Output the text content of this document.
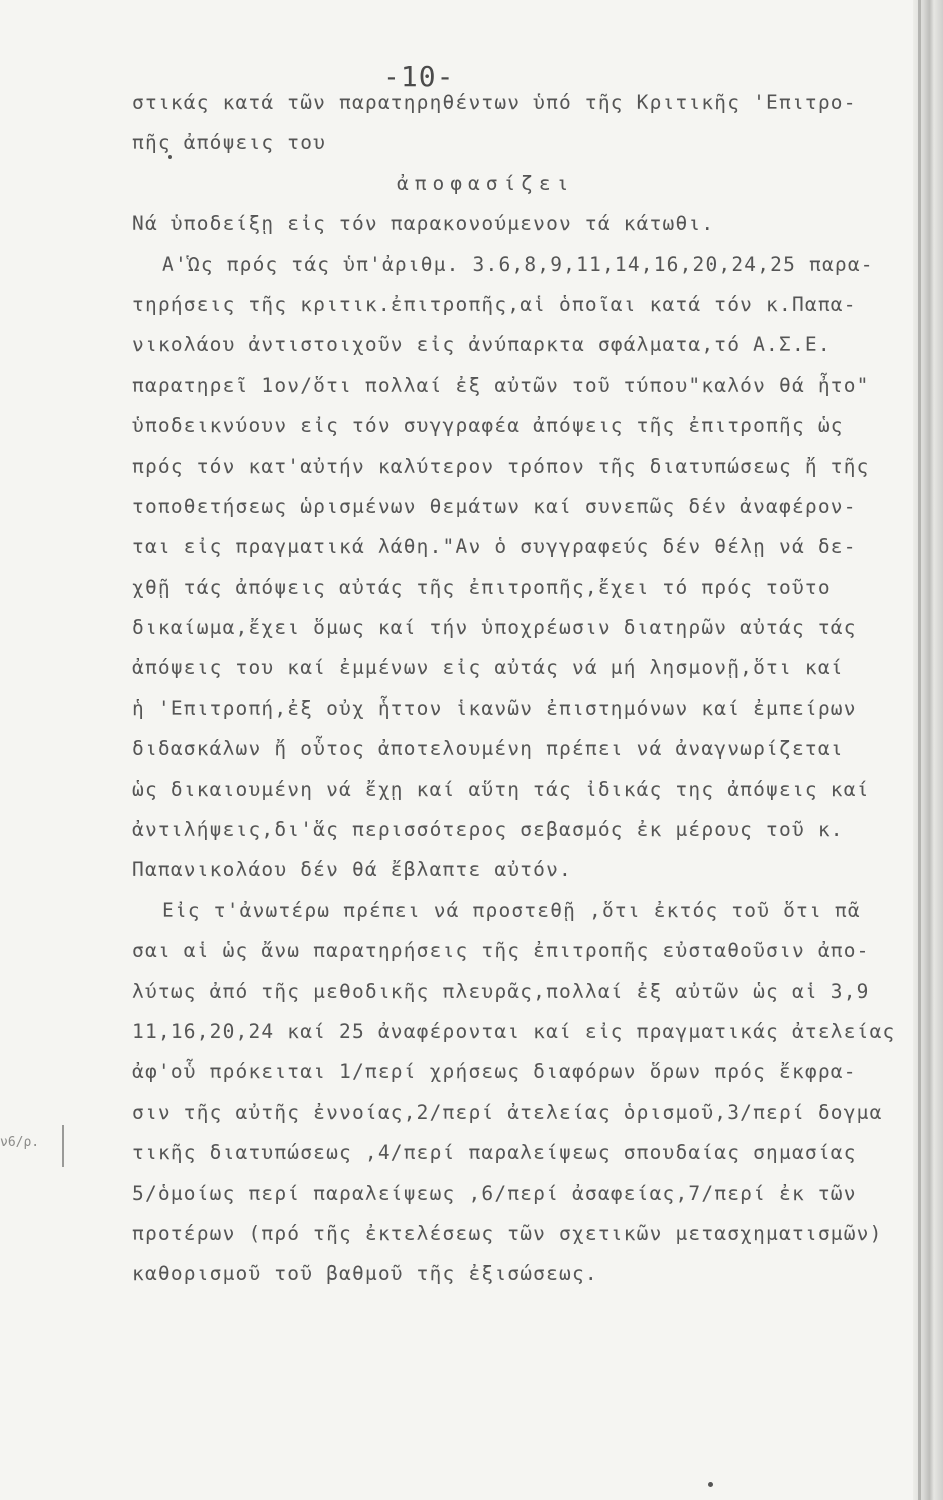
-10-
στικάς κατά τῶν παρατηρηθέντων ὑπό τῆς Κριτικῆς 'Επιτρο-
πῆς ἀπόψεις του
ἀποφασίζει
Νά ὑποδείξῃ εἰς τόν παρακονούμενον τά κάτωθι.
Α'Ὡς πρός τάς ὑπ'ἀριθμ. 3.6,8,9,11,14,16,20,24,25 παρα-
τηρήσεις τῆς κριτικ.ἐπιτροπῆς,αἱ ὁποῖαι κατά τόν κ.Παπα-
νικολάου ἀντιστοιχοῦν εἰς ἀνύπαρκτα σφάλματα,τό Α.Σ.Ε.
παρατηρεῖ 1ον/ὅτι πολλαί ἐξ αὐτῶν τοῦ τύπου"καλόν θά ἦτο"
ὑποδεικνύουν εἰς τόν συγγραφέα ἀπόψεις τῆς ἐπιτροπῆς ὡς
πρός τόν κατ'αὐτήν καλύτερον τρόπον τῆς διατυπώσεως ἤ τῆς
τοποθετήσεως ὡρισμένων θεμάτων καί συνεπῶς δέν ἀναφέρον-
ται εἰς πραγματικά λάθη."Αν ὁ συγγραφεύς δέν θέλῃ νά δε-
χθῇ τάς ἀπόψεις αὐτάς τῆς ἐπιτροπῆς,ἔχει τό πρός τοῦτο
δικαίωμα,ἔχει ὅμως καί τήν ὑποχρέωσιν διατηρῶν αὐτάς τάς
ἀπόψεις του καί ἐμμένων εἰς αὐτάς νά μή λησμονῇ,ὅτι καί
ἡ 'Επιτροπή,ἐξ οὐχ ἧττον ἱκανῶν ἐπιστημόνων καί ἐμπείρων
διδασκάλων ἤ οὗτος ἀποτελουμένη πρέπει νά ἀναγνωρίζεται
ὡς δικαιουμένη νά ἔχῃ καί αὕτη τάς ἰδικάς της ἀπόψεις καί
ἀντιλήψεις,δι'ἅς περισσότερος σεβασμός ἐκ μέρους τοῦ κ.
Παπανικολάου δέν θά ἔβλαπτε αὐτόν.
Εἰς τ'ἀνωτέρω πρέπει νά προστεθῇ ,ὅτι ἐκτός τοῦ ὅτι πᾶ
σαι αἱ ὡς ἄνω παρατηρήσεις τῆς ἐπιτροπῆς εὐσταθοῦσιν ἀπο-
λύτως ἀπό τῆς μεθοδικῆς πλευρᾶς,πολλαί ἐξ αὐτῶν ὡς αἱ 3,9
11,16,20,24 καί 25 ἀναφέρονται καί εἰς πραγματικάς ἀτελείας
ἀφ'οὗ πρόκειται 1/περί χρήσεως διαφόρων ὅρων πρός ἔκφρα-
σιν τῆς αὐτῆς ἐννοίας,2/περί ἀτελείας ὁρισμοῦ,3/περί δογμα
τικῆς διατυπώσεως ,4/περί παραλείψεως σπουδαίας σημασίας
5/ὁμοίως περί παραλείψεως ,6/περί ἀσαφείας,7/περί ἐκ τῶν
προτέρων (πρό τῆς ἐκτελέσεως τῶν σχετικῶν μετασχηματισμῶν)
καθορισμοῦ τοῦ βαθμοῦ τῆς ἐξισώσεως.
ν6/ρ.
